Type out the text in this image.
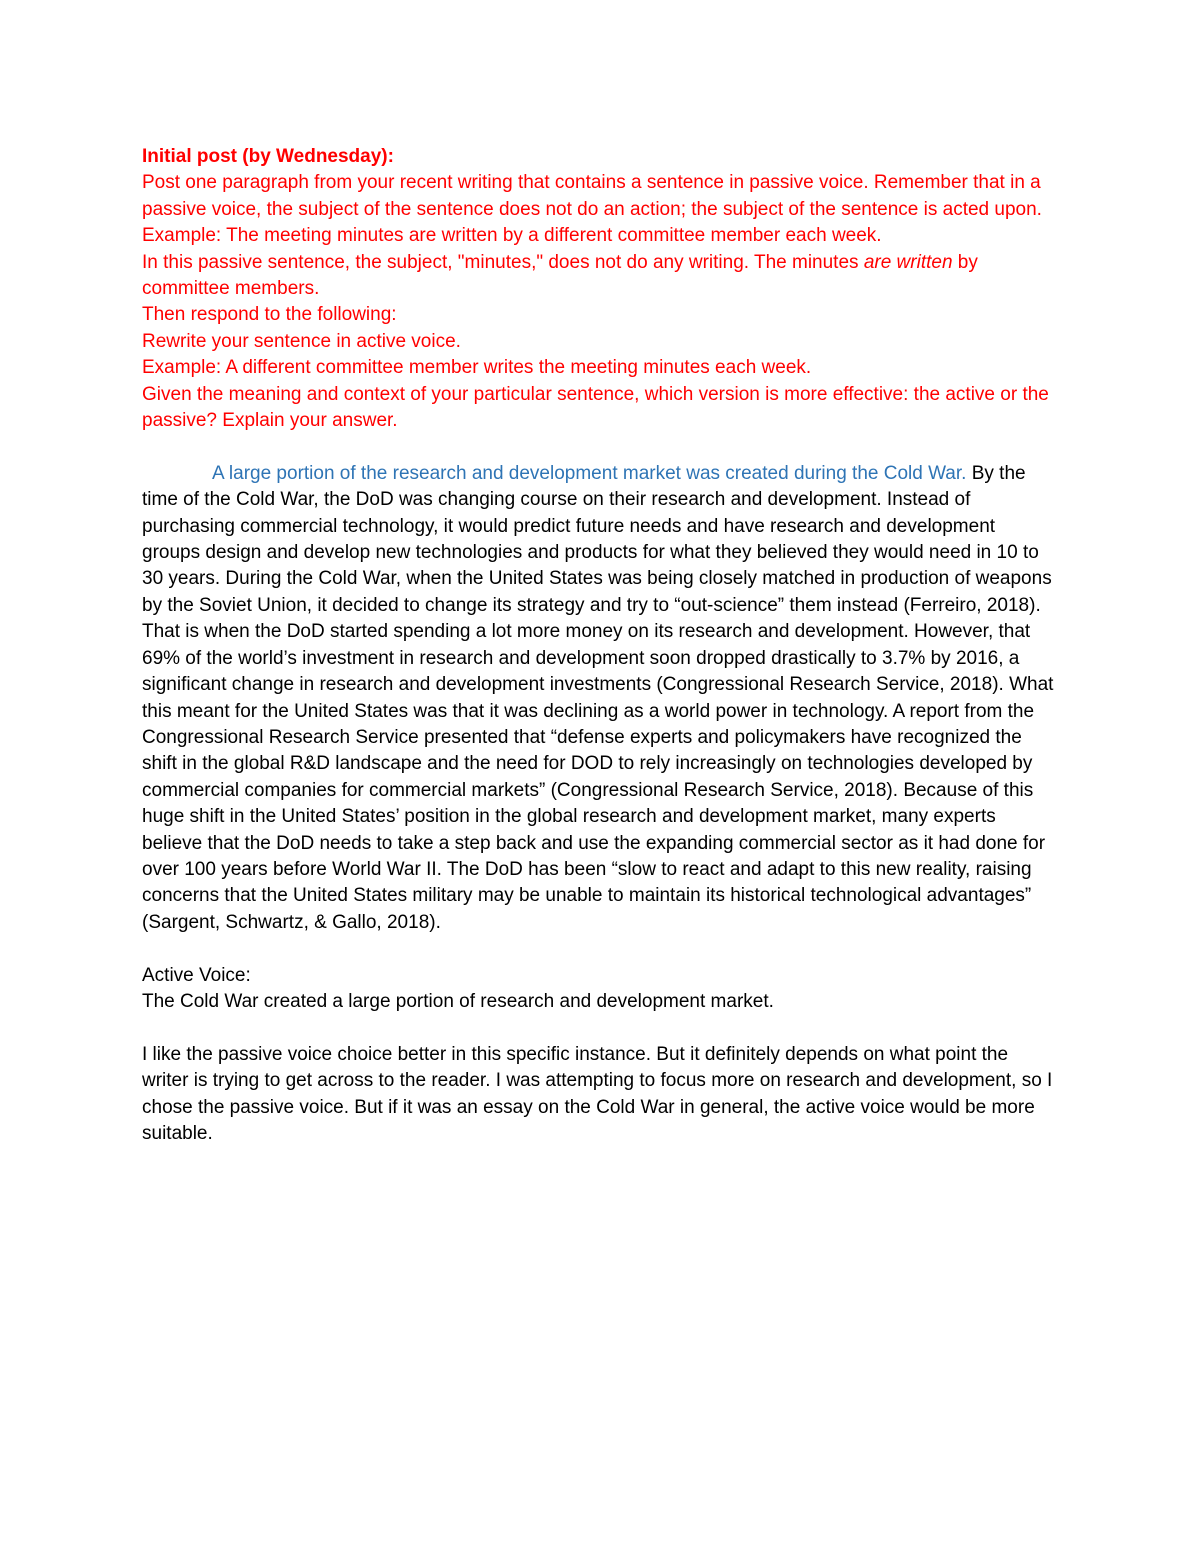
Initial post (by Wednesday):

Post one paragraph from your recent writing that contains a sentence in passive voice. Remember that in a passive voice, the subject of the sentence does not do an action; the subject of the sentence is acted upon.

Example: The meeting minutes are written by a different committee member each week.

In this passive sentence, the subject, "minutes," does not do any writing. The minutes are written by committee members.

Then respond to the following:

Rewrite your sentence in active voice.

Example: A different committee member writes the meeting minutes each week.

Given the meaning and context of your particular sentence, which version is more effective: the active or the passive? Explain your answer.

A large portion of the research and development market was created during the Cold War. By the time of the Cold War, the DoD was changing course on their research and development. Instead of purchasing commercial technology, it would predict future needs and have research and development groups design and develop new technologies and products for what they believed they would need in 10 to 30 years. During the Cold War, when the United States was being closely matched in production of weapons by the Soviet Union, it decided to change its strategy and try to “out-science” them instead (Ferreiro, 2018). That is when the DoD started spending a lot more money on its research and development. However, that 69% of the world’s investment in research and development soon dropped drastically to 3.7% by 2016, a significant change in research and development investments (Congressional Research Service, 2018). What this meant for the United States was that it was declining as a world power in technology. A report from the Congressional Research Service presented that “defense experts and policymakers have recognized the shift in the global R&D landscape and the need for DOD to rely increasingly on technologies developed by commercial companies for commercial markets” (Congressional Research Service, 2018). Because of this huge shift in the United States’ position in the global research and development market, many experts believe that the DoD needs to take a step back and use the expanding commercial sector as it had done for over 100 years before World War II. The DoD has been “slow to react and adapt to this new reality, raising concerns that the United States military may be unable to maintain its historical technological advantages” (Sargent, Schwartz, & Gallo, 2018).

Active Voice:

The Cold War created a large portion of research and development market.

I like the passive voice choice better in this specific instance. But it definitely depends on what point the writer is trying to get across to the reader. I was attempting to focus more on research and development, so I chose the passive voice. But if it was an essay on the Cold War in general, the active voice would be more suitable.
